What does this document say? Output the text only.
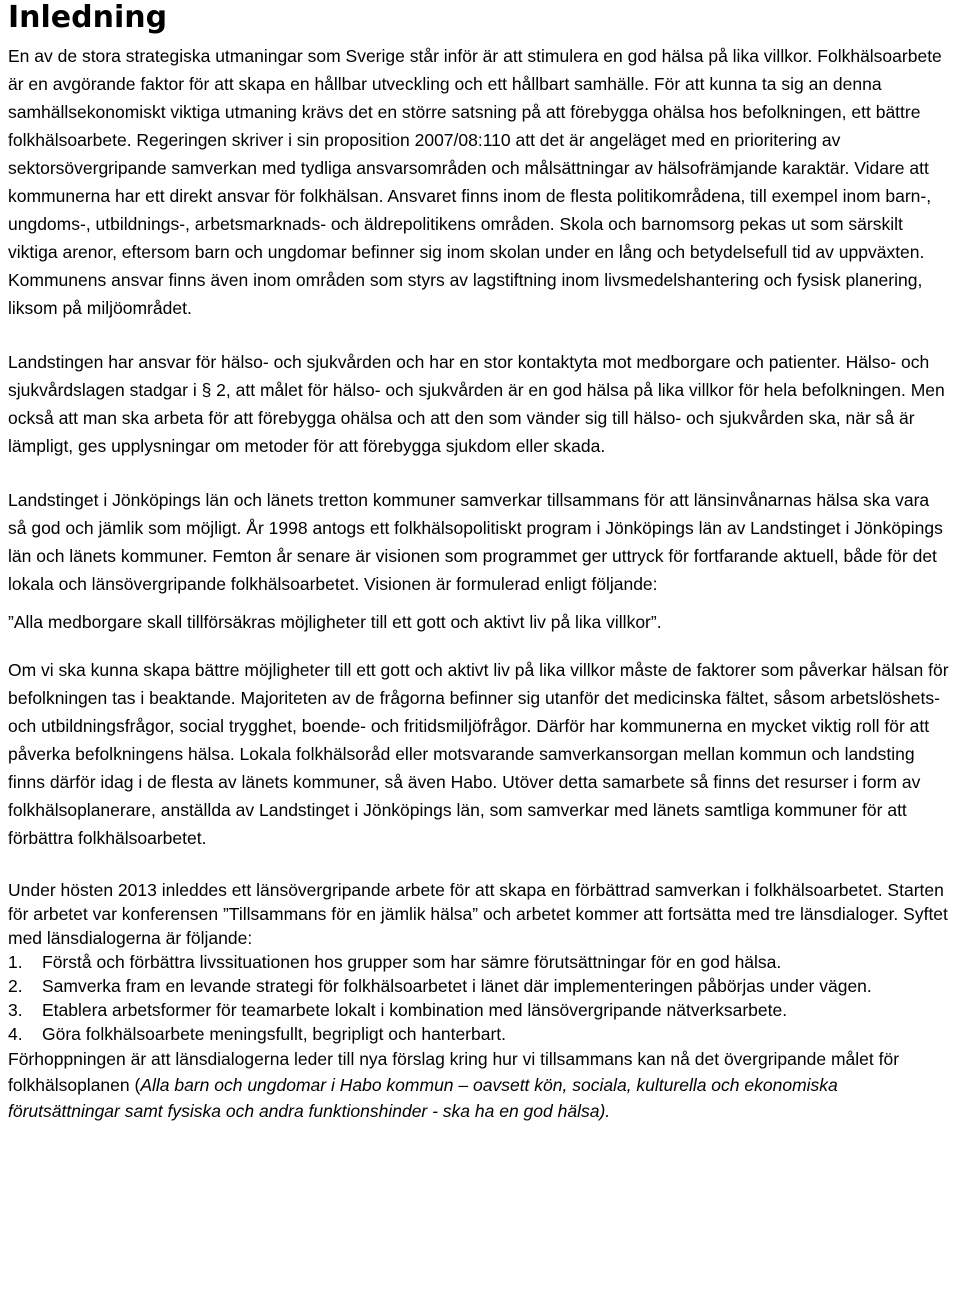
Inledning

En av de stora strategiska utmaningar som Sverige står inför är att stimulera en god hälsa på lika villkor. Folkhälsoarbete är en avgörande faktor för att skapa en hållbar utveckling och ett hållbart samhälle. För att kunna ta sig an denna samhällsekonomiskt viktiga utmaning krävs det en större satsning på att förebygga ohälsa hos befolkningen, ett bättre folkhälsoarbete. Regeringen skriver i sin proposition 2007/08:110 att det är angeläget med en prioritering av sektorsövergripande samverkan med tydliga ansvarsområden och målsättningar av hälsofrämjande karaktär. Vidare att kommunerna har ett direkt ansvar för folkhälsan. Ansvaret finns inom de flesta politikområdena, till exempel inom barn-, ungdoms-, utbildnings-, arbetsmarknads- och äldrepolitikens områden. Skola och barnomsorg pekas ut som särskilt viktiga arenor, eftersom barn och ungdomar befinner sig inom skolan under en lång och betydelsefull tid av uppväxten. Kommunens ansvar finns även inom områden som styrs av lagstiftning inom livsmedelshantering och fysisk planering, liksom på miljöområdet.

Landstingen har ansvar för hälso- och sjukvården och har en stor kontaktyta mot medborgare och patienter. Hälso- och sjukvårdslagen stadgar i § 2, att målet för hälso- och sjukvården är en god hälsa på lika villkor för hela befolkningen. Men också att man ska arbeta för att förebygga ohälsa och att den som vänder sig till hälso- och sjukvården ska, när så är lämpligt, ges upplysningar om metoder för att förebygga sjukdom eller skada.

Landstinget i Jönköpings län och länets tretton kommuner samverkar tillsammans för att länsinvånarnas hälsa ska vara så god och jämlik som möjligt. År 1998 antogs ett folkhälsopolitiskt program i Jönköpings län av Landstinget i Jönköpings län och länets kommuner. Femton år senare är visionen som programmet ger uttryck för fortfarande aktuell, både för det lokala och länsövergripande folkhälsoarbetet. Visionen är formulerad enligt följande:

”Alla medborgare skall tillförsäkras möjligheter till ett gott och aktivt liv på lika villkor”.

Om vi ska kunna skapa bättre möjligheter till ett gott och aktivt liv på lika villkor måste de faktorer som påverkar hälsan för befolkningen tas i beaktande. Majoriteten av de frågorna befinner sig utanför det medicinska fältet, såsom arbetslöshets- och utbildningsfrågor, social trygghet, boende- och fritidsmiljöfrågor. Därför har kommunerna en mycket viktig roll för att påverka befolkningens hälsa. Lokala folkhälsoråd eller motsvarande samverkansorgan mellan kommun och landsting finns därför idag i de flesta av länets kommuner, så även Habo. Utöver detta samarbete så finns det resurser i form av folkhälsoplanerare, anställda av Landstinget i Jönköpings län, som samverkar med länets samtliga kommuner för att förbättra folkhälsoarbetet.

Under hösten 2013 inleddes ett länsövergripande arbete för att skapa en förbättrad samverkan i folkhälsoarbetet. Starten för arbetet var konferensen ”Tillsammans för en jämlik hälsa” och arbetet kommer att fortsätta med tre länsdialoger. Syftet med länsdialogerna är följande:

1.	Förstå och förbättra livssituationen hos grupper som har sämre förutsättningar för en god hälsa.
2.	Samverka fram en levande strategi för folkhälsoarbetet i länet där implementeringen påbörjas under vägen.
3.	Etablera arbetsformer för teamarbete lokalt i kombination med länsövergripande nätverksarbete.
4.	Göra folkhälsoarbete meningsfullt, begripligt och hanterbart.

Förhoppningen är att länsdialogerna leder till nya förslag kring hur vi tillsammans kan nå det övergripande målet för folkhälsoplanen (Alla barn och ungdomar i Habo kommun – oavsett kön, sociala, kulturella och ekonomiska förutsättningar samt fysiska och andra funktionshinder - ska ha en god hälsa).
